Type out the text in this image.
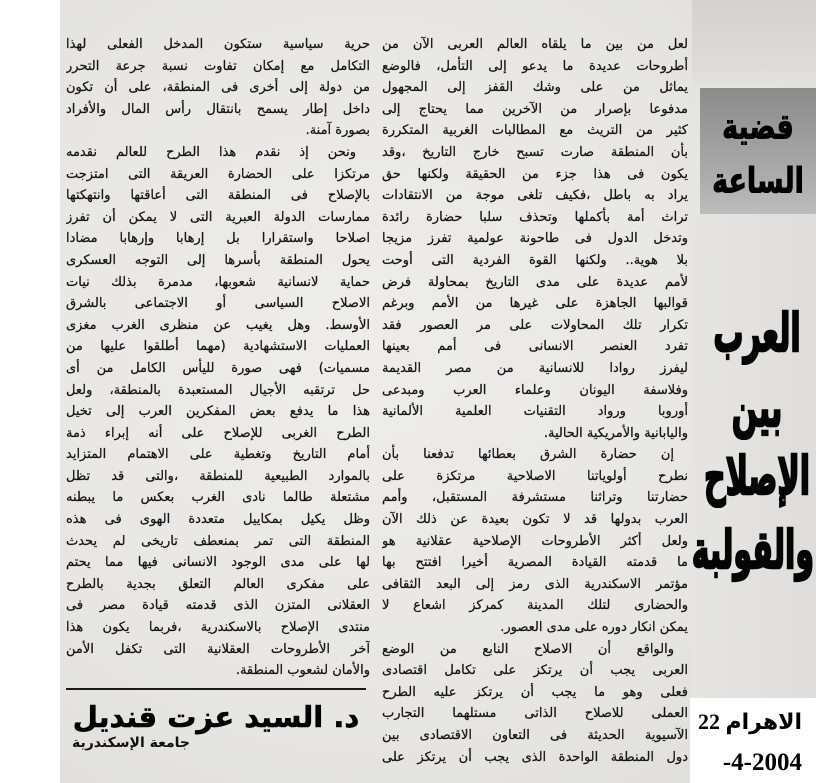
قضية
الساعة
العرب
بين
الإصلاح
والقولبة
لعل من بين ما يلقاه العالم العربى الآن من
أطروحات عديدة ما يدعو إلى التأمل، فالوضع
يماثل من على وشك القفز إلى المجهول
مدفوعا بإصرار من الآخرين مما يحتاج إلى
كثير من التريث مع المطالبات الغربية المتكررة
بأن المنطقة صارت تسبح خارج التاريخ ،وقد
يكون فى هذا جزء من الحقيقة ولكنها حق
يراد به باطل ،فكيف تلغى موجة من الانتقادات
تراث أمة بأكملها وتحذف سلبا حضارة رائدة
وتدخل الدول فى طاحونة عولمية تفرز مزيجا
بلا هوية.. ولكنها القوة الفردية التى أوحت
لأمم عديدة على مدى التاريخ بمحاولة فرض
قوالبها الجاهزة على غيرها من الأمم وبرغم
تكرار تلك المحاولات على مر العصور فقد
تفرد العنصر الانسانى فى أمم بعينها
ليفرز روادا للانسانية من مصر القديمة
وفلاسفة اليونان وعلماء العرب ومبدعى
أوروبا ورواد التقنيات العلمية الألمانية
واليابانية والأمريكية الحالية.
إن حضارة الشرق بعطائها تدفعنا بأن
نطرح أولوياتنا الاصلاحية مرتكزة على
حضارتنا وتراثنا مستشرفة المستقبل، وأمم
العرب بدولها قد لا تكون بعيدة عن ذلك الآن
ولعل أكثر الأطروحات الإصلاحية عقلانية هو
ما قدمته القيادة المصرية أخيرا افتتح بها
مؤتمر الاسكندرية الذى رمز إلى البعد الثقافى
والحضارى لتلك المدينة كمركز اشعاع لا
يمكن انكار دوره على مدى العصور.
والواقع أن الاصلاح النابع من الوضع
العربى يجب أن يرتكز على تكامل اقتصادى
فعلى وهو ما يجب أن يرتكز عليه الطرح
العملى للاصلاح الذاتى مستلهما التجارب
الآسيوية الحديثة فى التعاون الاقتصادى بين
دول المنطقة الواحدة الذى يجب أن يرتكز على
حرية سياسية ستكون المدخل الفعلى لهذا
التكامل مع إمكان تفاوت نسبة جرعة التحرر
من دولة إلى أخرى فى المنطقة، على أن تكون
داخل إطار يسمح بانتقال رأس المال والأفراد
بصورة آمنة.
ونحن إذ نقدم هذا الطرح للعالم نقدمه
مرتكزا على الحضارة العريقة التى امتزجت
بالإصلاح فى المنطقة التى أعاقتها وانتهكتها
ممارسات الدولة العبرية التى لا يمكن أن تفرز
اصلاحا واستقرارا بل إرهابا وإرهابا مضادا
يحول المنطقة بأسرها إلى التوجه العسكرى
حماية لانسانية شعوبها، مدمرة بذلك نيات
الاصلاح السياسى أو الاجتماعى بالشرق
الأوسط. وهل يغيب عن منظرى الغرب مغزى
العمليات الاستشهادية (مهما أطلقوا عليها من
مسميات) فهى صورة لليأس الكامل من أى
حل ترتقبه الأجيال المستعبدة بالمنطقة، ولعل
هذا ما يدفع بعض المفكرين العرب إلى تخيل
الطرح الغربى للإصلاح على أنه إبراء ذمة
أمام التاريخ وتغطية على الاهتمام المتزايد
بالموارد الطبيعية للمنطقة ،والتى قد تظل
مشتعلة طالما نادى الغرب بعكس ما يبطنه
وظل يكيل بمكاييل متعددة الهوى فى هذه
المنطقة التى تمر بمنعطف تاريخى لم يحدث
لها على مدى الوجود الانسانى فيها مما يحتم
على مفكرى العالم التعلق بجدية بالطرح
العقلانى المتزن الذى قدمته قيادة مصر فى
منتدى الإصلاح بالاسكندرية ،فربما يكون هذا
آخر الأطروحات العقلانية التى تكفل الأمن
والأمان لشعوب المنطقة.
د. السيد عزت قنديل
جامعة الإسكندرية
الاهرام 22
-4-2004
